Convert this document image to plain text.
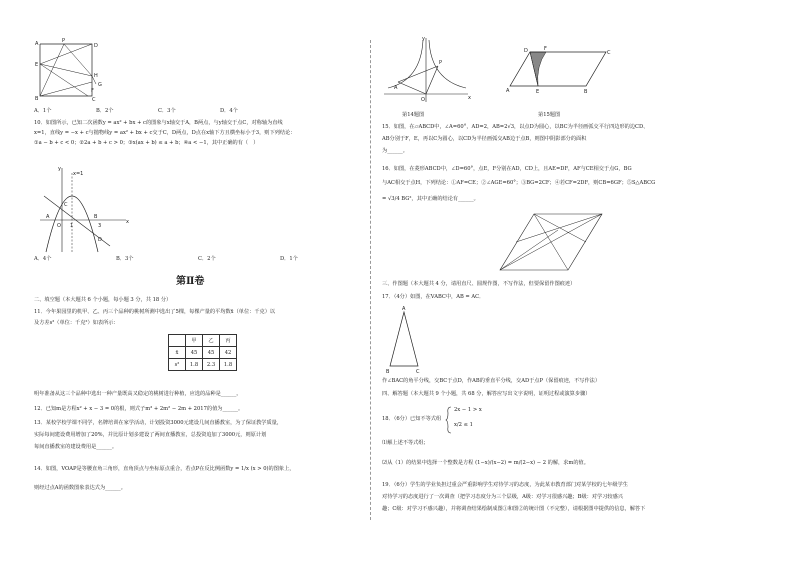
A	P
D
E
H
G
B
F
C
A．1个	B．2个	C．3个	D．4个
10．如图所示，已知二次函数y = ax² + bx + c的图象与x轴交于A，B两点，与y轴交于点C，对称轴为直线
x=1，直线y = −x + c与抛物线y = ax² + bx + c交于C，D两点，D点在x轴下方且横坐标小于3，则下列结论：
①a − b + c < 0；②2a + b + c > 0；③x(ax + b) ≤ a + b；④a < −1，其中正确的有（　）
y
x
x=1
O 1	3
A	B
C
D
A．4个	B．3个	C．2个	D．1个
第Ⅱ卷
二、填空题（本大题共 6 个小题，每小题 3 分，共 18 分）
11．今年果园里的机甲、乙、丙三个品种的桃树所测中选出了5棵，每棵产量的平均数x̄（单位：千克）以
及方差s²（单位：千克²）如表所示：
	甲	乙	丙
x̄	45	45	42
s²	1.8	2.3	1.8
明年准备从这三个品种中选出一种产量既高又稳定的桃树进行种植，应选的品种是______。
12．已知m是方程x² + x − 3 = 0的根，则式子m³ + 2m² − 2m + 2017的值为______。
13．某校学校学课不同学，名牌培训在家学活动，计划投资3000元建设几间直播教室，为了保证教学质量，
实际每间建设费用增加了20%，并比原计划多建设了两间直播教室，总投资追加了3000元，则原计划
每间直播教室的建设费用是______。
14．如图，VOAP是等腰直角三角形，直角顶点与坐标原点重合，若点P在反比例函数y = 1/x (x > 0)的图象上，
则经过点A的函数图象表达式为______。
y
x
O
A
P
D	F
A	E	B
C
第14题图	第15题图
15．如图，在▱ABCD中，∠A=60°，AD=2，AB=2√3，以点D为圆心，以BC为半径画弧交平行四边形的边CD、
AB分别于F，E，再以C为圆心，以CD为半径画弧交AB边于点B，则图中阴影部分的面积
为______。
16．如图，在菱形ABCD中，∠D=60°，点E，F分别在AD，CD上，且AE=DF，AF与CE相交于点G，BG
与AC相交于点H，下列结论：①AF=CE；②∠AGE=60°；③BG=2CF；④若CF=2DF，则CB=6GF；⑤S△ABCG
= √3/4 BG²，其中正确的结论有______。
三、作图题（本大题共 4 分，请用直尺、圆规作图，不写作法，但要保留作图痕迹）
17．（4分）如图，在VABC中，AB = AC．
A
B	C
作∠BAC的角平分线，交BC于点D，作AB的垂直平分线，交AD于点P（保留痕迹，不写作法）
四、解答题（本大题共 9 个小题，共 68 分，解答应写出文字说明，证明过程或演算步骤）
18．（6分）已知不等式组
2x − 1 > x
x/2 ≤ 1
⑴解上述不等式组；
⑵从（1）的结果中选择一个整数是方程 (1−x)/(x−2) = m/(2−x) − 2 的解，求m的值。
19．（6分）学生的学业负担过重会严重影响学生对待学习的态度，为此某市教育部门对某学校的七年级学生
对待学习的态度进行了一次调查（把学习态度分为三个层级，A级：对学习很感兴趣；B级：对学习较感兴
趣；C级：对学习不感兴趣），并将调查结果绘制成图①和图②的统计图（不完整），请根据图中提供的信息，解答下
